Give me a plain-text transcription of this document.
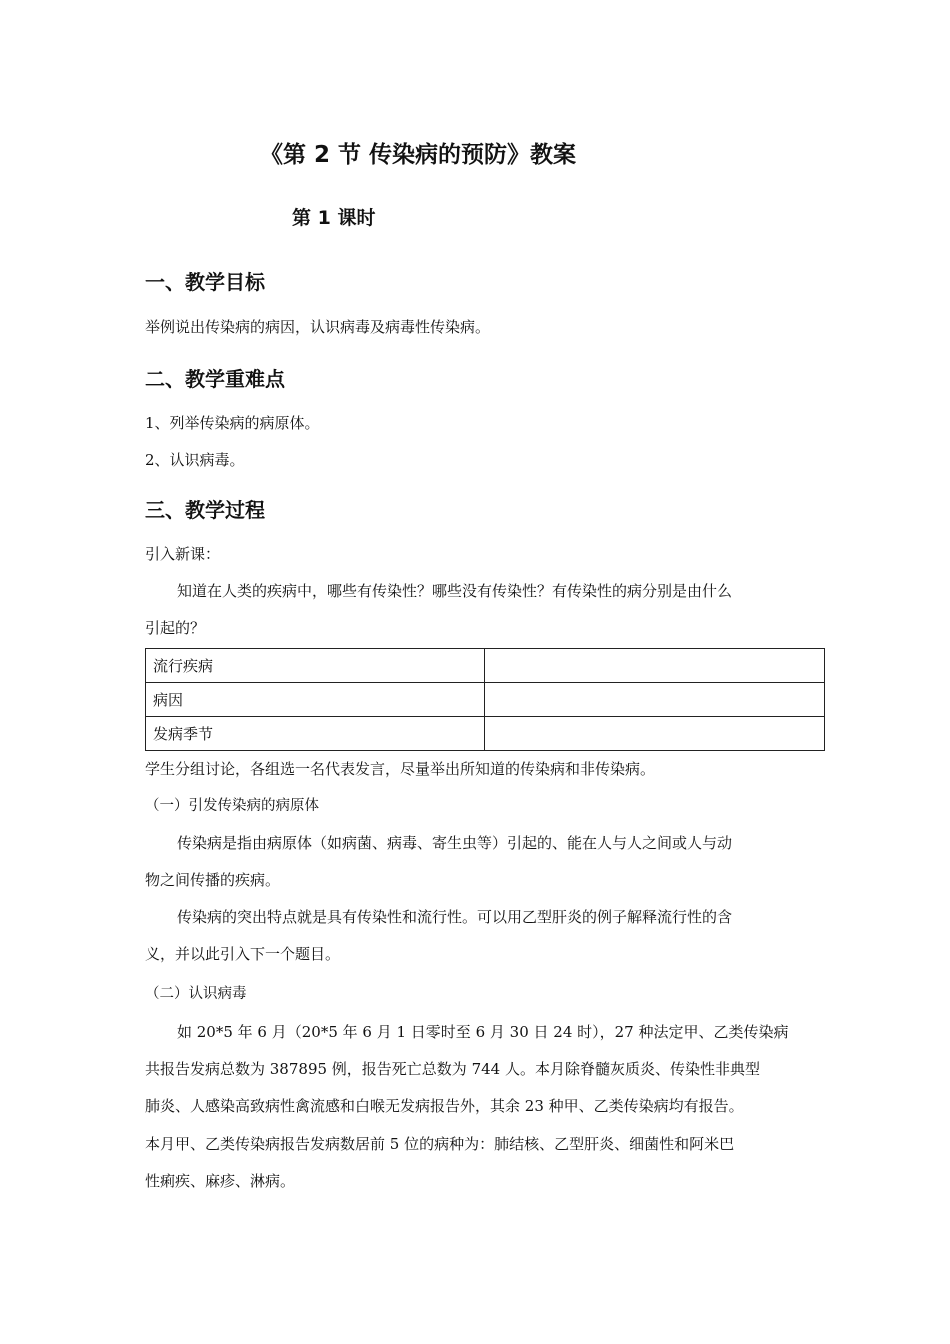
《第 2 节 传染病的预防》教案
第 1 课时
一、教学目标
举例说出传染病的病因，认识病毒及病毒性传染病。
二、教学重难点
1、列举传染病的病原体。
2、认识病毒。
三、教学过程
引入新课：
知道在人类的疾病中，哪些有传染性？哪些没有传染性？有传染性的病分别是由什么
引起的？
流行疾病	
病因	
发病季节	
学生分组讨论，各组选一名代表发言，尽量举出所知道的传染病和非传染病。
（一）引发传染病的病原体
传染病是指由病原体（如病菌、病毒、寄生虫等）引起的、能在人与人之间或人与动
物之间传播的疾病。
传染病的突出特点就是具有传染性和流行性。可以用乙型肝炎的例子解释流行性的含
义，并以此引入下一个题目。
（二）认识病毒
如 20*5 年 6 月（20*5 年 6 月 1 日零时至 6 月 30 日 24 时），27 种法定甲、乙类传染病
共报告发病总数为 387895 例，报告死亡总数为 744 人。本月除脊髓灰质炎、传染性非典型
肺炎、人感染高致病性禽流感和白喉无发病报告外，其余 23 种甲、乙类传染病均有报告。
本月甲、乙类传染病报告发病数居前 5 位的病种为：肺结核、乙型肝炎、细菌性和阿米巴
性痢疾、麻疹、淋病。
